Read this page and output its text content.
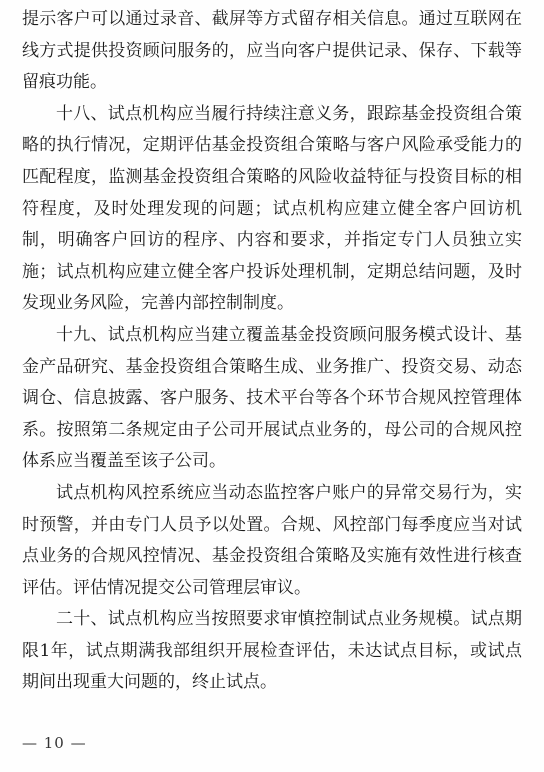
提示客户可以通过录音、截屏等方式留存相关信息。通过互联网在线方式提供投资顾问服务的，应当向客户提供记录、保存、下载等留痕功能。

十八、试点机构应当履行持续注意义务，跟踪基金投资组合策略的执行情况，定期评估基金投资组合策略与客户风险承受能力的匹配程度，监测基金投资组合策略的风险收益特征与投资目标的相符程度，及时处理发现的问题；试点机构应建立健全客户回访机制，明确客户回访的程序、内容和要求，并指定专门人员独立实施；试点机构应建立健全客户投诉处理机制，定期总结问题，及时发现业务风险，完善内部控制制度。

十九、试点机构应当建立覆盖基金投资顾问服务模式设计、基金产品研究、基金投资组合策略生成、业务推广、投资交易、动态调仓、信息披露、客户服务、技术平台等各个环节合规风控管理体系。按照第二条规定由子公司开展试点业务的，母公司的合规风控体系应当覆盖至该子公司。

试点机构风控系统应当动态监控客户账户的异常交易行为，实时预警，并由专门人员予以处置。合规、风控部门每季度应当对试点业务的合规风控情况、基金投资组合策略及实施有效性进行核查评估。评估情况提交公司管理层审议。

二十、试点机构应当按照要求审慎控制试点业务规模。试点期限1年，试点期满我部组织开展检查评估，未达试点目标，或试点期间出现重大问题的，终止试点。

— 10 —
